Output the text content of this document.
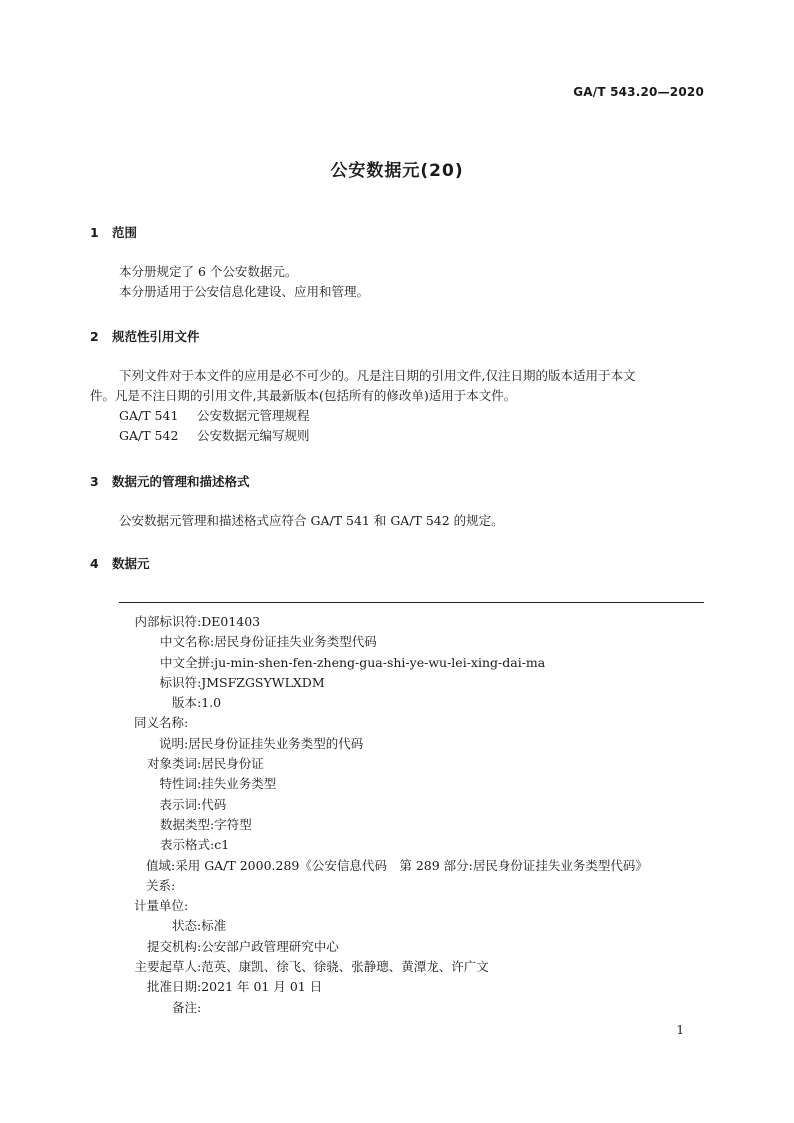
GA/T 543.20—2020
公安数据元(20)
1 范围
本分册规定了 6 个公安数据元。
本分册适用于公安信息化建设、应用和管理。
2 规范性引用文件
下列文件对于本文件的应用是必不可少的。凡是注日期的引用文件,仅注日期的版本适用于本文
件。凡是不注日期的引用文件,其最新版本(包括所有的修改单)适用于本文件。
GA/T 541 公安数据元管理规程
GA/T 542 公安数据元编写规则
3 数据元的管理和描述格式
公安数据元管理和描述格式应符合 GA/T 541 和 GA/T 542 的规定。
4 数据元
内部标识符:DE01403
中文名称:居民身份证挂失业务类型代码
中文全拼:ju-min-shen-fen-zheng-gua-shi-ye-wu-lei-xing-dai-ma
标识符:JMSFZGSYWLXDM
版本:1.0
同义名称:
说明:居民身份证挂失业务类型的代码
对象类词:居民身份证
特性词:挂失业务类型
表示词:代码
数据类型:字符型
表示格式:c1
值域:采用 GA/T 2000.289《公安信息代码　第 289 部分:居民身份证挂失业务类型代码》
关系:
计量单位:
状态:标准
提交机构:公安部户政管理研究中心
主要起草人:范英、康凯、徐飞、徐骁、张静璁、黄潭龙、许广文
批准日期:2021 年 01 月 01 日
备注:
1
